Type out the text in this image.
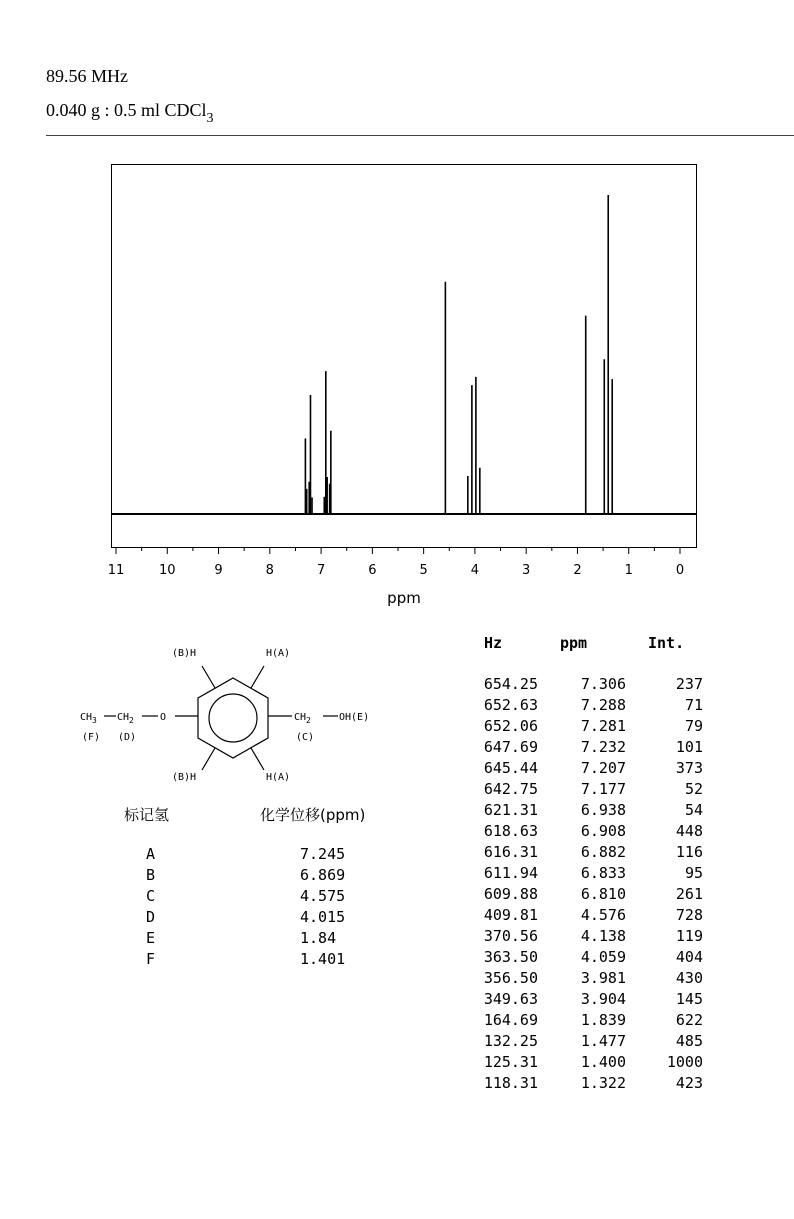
89.56 MHz
0.040 g : 0.5 ml CDCl$_3$
11	10	9	8	7	6	5	4	3	2	1	0
ppm
(B)H	H(A)
(B)H	H(A)
$CH_3$ $CH_2$	O	$CH_2$	OH(E)
(F) (D)	(C)
标记氢	化学位移(ppm)
A	7.245
B	6.869
C	4.575
D	4.015
E	1.84
F	1.401
Hz	ppm	Int.
654.25	7.306	237
652.63	7.288	71
652.06	7.281	79
647.69	7.232	101
645.44	7.207	373
642.75	7.177	52
621.31	6.938	54
618.63	6.908	448
616.31	6.882	116
611.94	6.833	95
609.88	6.810	261
409.81	4.576	728
370.56	4.138	119
363.50	4.059	404
356.50	3.981	430
349.63	3.904	145
164.69	1.839	622
132.25	1.477	485
125.31	1.400	1000
118.31	1.322	423
